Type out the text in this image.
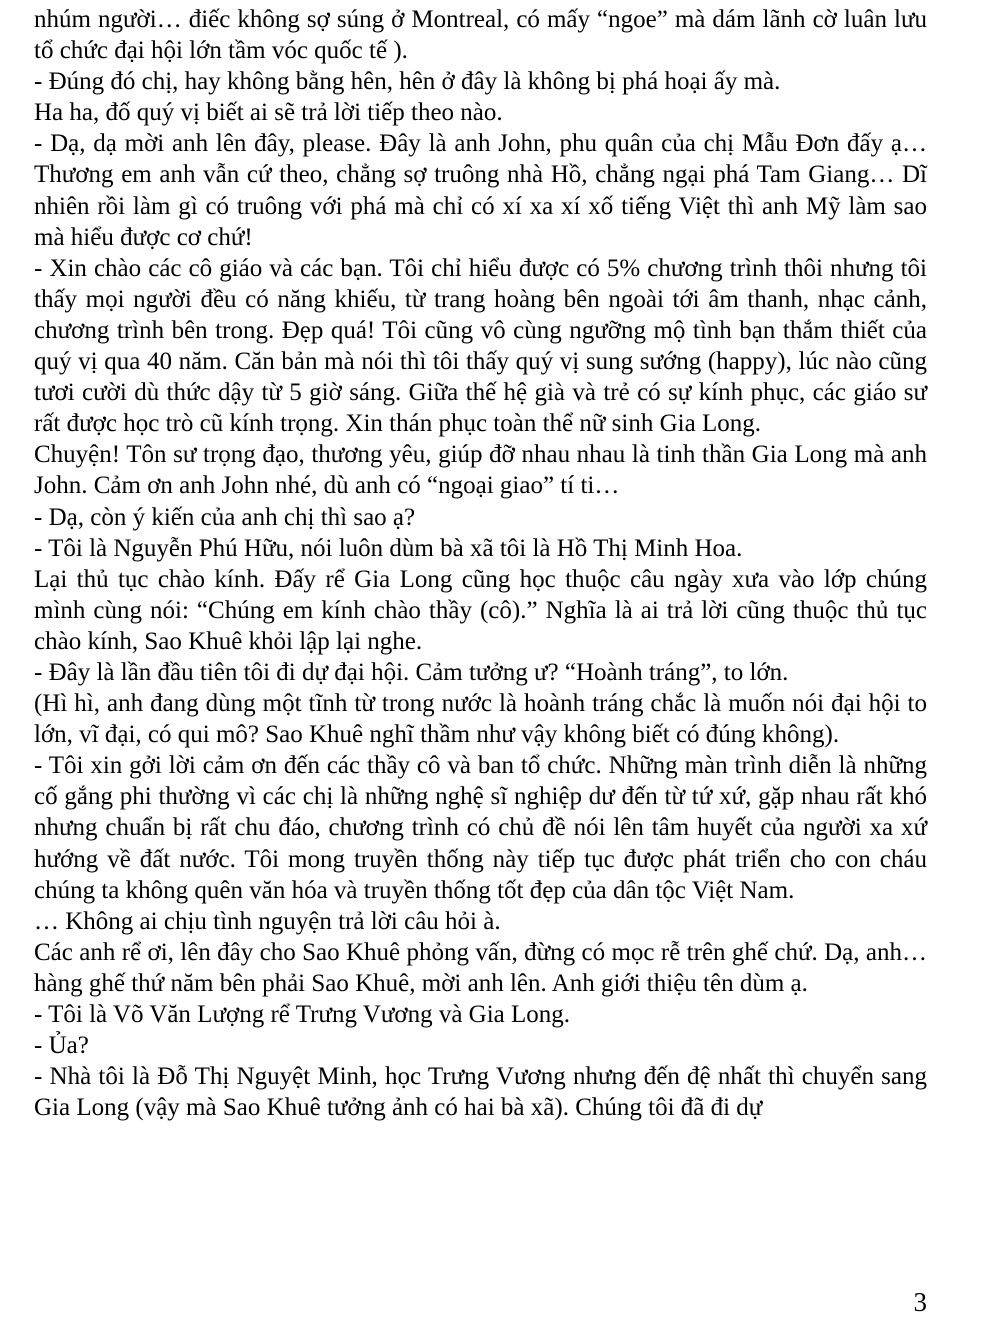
nhúm người… điếc không sợ súng ở Montreal, có mấy “ngoe” mà dám lãnh cờ luân lưu tổ chức đại hội lớn tầm vóc quốc tế ).

- Đúng đó chị, hay không bằng hên, hên ở đây là không bị phá hoại ấy mà.

Ha ha, đố quý vị biết ai sẽ trả lời tiếp theo nào.

- Dạ, dạ mời anh lên đây, please. Đây là anh John, phu quân của chị Mẫu Đơn đấy ạ… Thương em anh vẫn cứ theo, chẳng sợ truông nhà Hồ, chẳng ngại phá Tam Giang… Dĩ nhiên rồi làm gì có truông với phá mà chỉ có xí xa xí xố tiếng Việt thì anh Mỹ làm sao mà hiểu được cơ chứ!

- Xin chào các cô giáo và các bạn. Tôi chỉ hiểu được có 5% chương trình thôi nhưng tôi thấy mọi người đều có năng khiếu, từ trang hoàng bên ngoài tới âm thanh, nhạc cảnh, chương trình bên trong. Đẹp quá! Tôi cũng vô cùng ngưỡng mộ tình bạn thắm thiết của quý vị qua 40 năm. Căn bản mà nói thì tôi thấy quý vị sung sướng (happy), lúc nào cũng tươi cười dù thức dậy từ 5 giờ sáng. Giữa thế hệ già và trẻ có sự kính phục, các giáo sư rất được học trò cũ kính trọng. Xin thán phục toàn thể nữ sinh Gia Long.

Chuyện! Tôn sư trọng đạo, thương yêu, giúp đỡ nhau nhau là tinh thần Gia Long mà anh John. Cảm ơn anh John nhé, dù anh có “ngoại giao” tí ti…

- Dạ, còn ý kiến của anh chị thì sao ạ?

- Tôi là Nguyễn Phú Hữu, nói luôn dùm bà xã tôi là Hồ Thị Minh Hoa.

Lại thủ tục chào kính. Đấy rể Gia Long cũng học thuộc câu ngày xưa vào lớp chúng mình cùng nói: “Chúng em kính chào thầy (cô).” Nghĩa là ai trả lời cũng thuộc thủ tục chào kính, Sao Khuê khỏi lập lại nghe.

- Đây là lần đầu tiên tôi đi dự đại hội. Cảm tưởng ư? “Hoành tráng”, to lớn.

(Hì hì, anh đang dùng một tĩnh từ trong nước là hoành tráng chắc là muốn nói đại hội to lớn, vĩ đại, có qui mô? Sao Khuê nghĩ thầm như vậy không biết có đúng không).

- Tôi xin gởi lời cảm ơn đến các thầy cô và ban tổ chức. Những màn trình diễn là những cố gắng phi thường vì các chị là những nghệ sĩ nghiệp dư đến từ tứ xứ, gặp nhau rất khó nhưng chuẩn bị rất chu đáo, chương trình có chủ đề nói lên tâm huyết của người xa xứ hướng về đất nước. Tôi mong truyền thống này tiếp tục được phát triển cho con cháu chúng ta không quên văn hóa và truyền thống tốt đẹp của dân tộc Việt Nam.

… Không ai chịu tình nguyện trả lời câu hỏi à.

Các anh rể ơi, lên đây cho Sao Khuê phỏng vấn, đừng có mọc rễ trên ghế chứ. Dạ, anh… hàng ghế thứ năm bên phải Sao Khuê, mời anh lên. Anh giới thiệu tên dùm ạ.

- Tôi là Võ Văn Lượng rể Trưng Vương và Gia Long.

- Ủa?

- Nhà tôi là Đỗ Thị Nguyệt Minh, học Trưng Vương nhưng đến đệ nhất thì chuyển sang Gia Long (vậy mà Sao Khuê tưởng ảnh có hai bà xã). Chúng tôi đã đi dự

3
